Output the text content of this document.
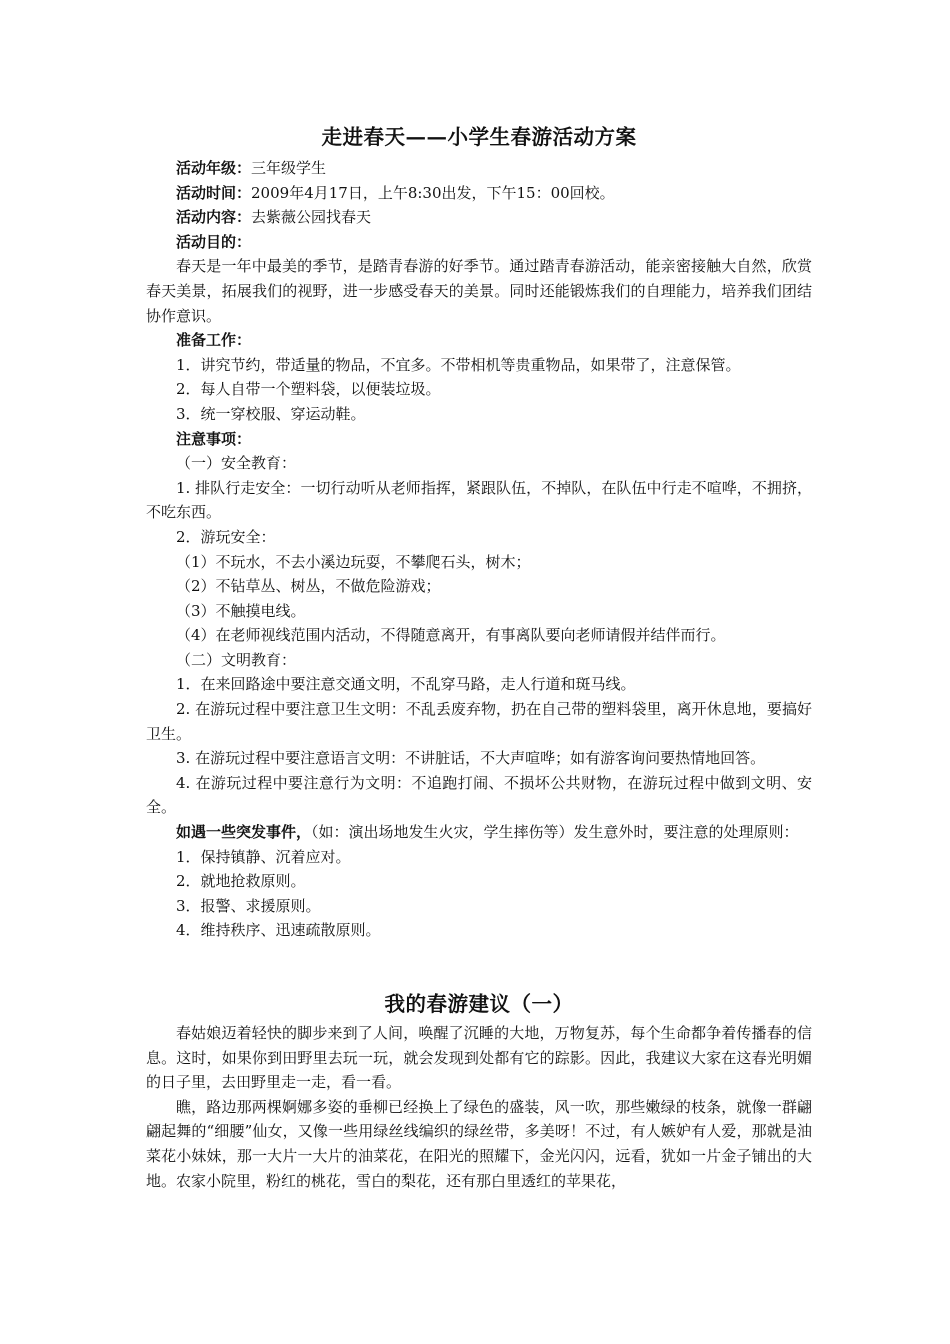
走进春天——小学生春游活动方案

活动年级：三年级学生

活动时间：2009年4月17日，上午8:30出发，下午15：00回校。

活动内容：去紫薇公园找春天

活动目的：

春天是一年中最美的季节，是踏青春游的好季节。通过踏青春游活动，能亲密接触大自然，欣赏春天美景，拓展我们的视野，进一步感受春天的美景。同时还能锻炼我们的自理能力，培养我们团结协作意识。

准备工作：

1．讲究节约，带适量的物品，不宜多。不带相机等贵重物品，如果带了，注意保管。

2．每人自带一个塑料袋，以便装垃圾。

3．统一穿校服、穿运动鞋。

注意事项：

（一）安全教育：

1. 排队行走安全：一切行动听从老师指挥，紧跟队伍，不掉队，在队伍中行走不喧哗，不拥挤，不吃东西。

2．游玩安全：

（1）不玩水，不去小溪边玩耍，不攀爬石头，树木；

（2）不钻草丛、树丛，不做危险游戏；

（3）不触摸电线。

（4）在老师视线范围内活动，不得随意离开，有事离队要向老师请假并结伴而行。

（二）文明教育：

1．在来回路途中要注意交通文明，不乱穿马路，走人行道和斑马线。

2. 在游玩过程中要注意卫生文明：不乱丢废弃物，扔在自己带的塑料袋里，离开休息地，要搞好卫生。

3. 在游玩过程中要注意语言文明：不讲脏话，不大声喧哗；如有游客询问要热情地回答。

4. 在游玩过程中要注意行为文明：不追跑打闹、不损坏公共财物，在游玩过程中做到文明、安全。

如遇一些突发事件，（如：演出场地发生火灾，学生摔伤等）发生意外时，要注意的处理原则：

1．保持镇静、沉着应对。

2．就地抢救原则。

3．报警、求援原则。

4．维持秩序、迅速疏散原则。

我的春游建议（一）

春姑娘迈着轻快的脚步来到了人间，唤醒了沉睡的大地，万物复苏，每个生命都争着传播春的信息。这时，如果你到田野里去玩一玩，就会发现到处都有它的踪影。因此，我建议大家在这春光明媚的日子里，去田野里走一走，看一看。

瞧，路边那两棵婀娜多姿的垂柳已经换上了绿色的盛装，风一吹，那些嫩绿的枝条，就像一群翩翩起舞的“细腰”仙女，又像一些用绿丝线编织的绿丝带，多美呀！不过，有人嫉妒有人爱，那就是油菜花小妹妹，那一大片一大片的油菜花，在阳光的照耀下，金光闪闪，远看，犹如一片金子铺出的大地。农家小院里，粉红的桃花，雪白的梨花，还有那白里透红的苹果花，
